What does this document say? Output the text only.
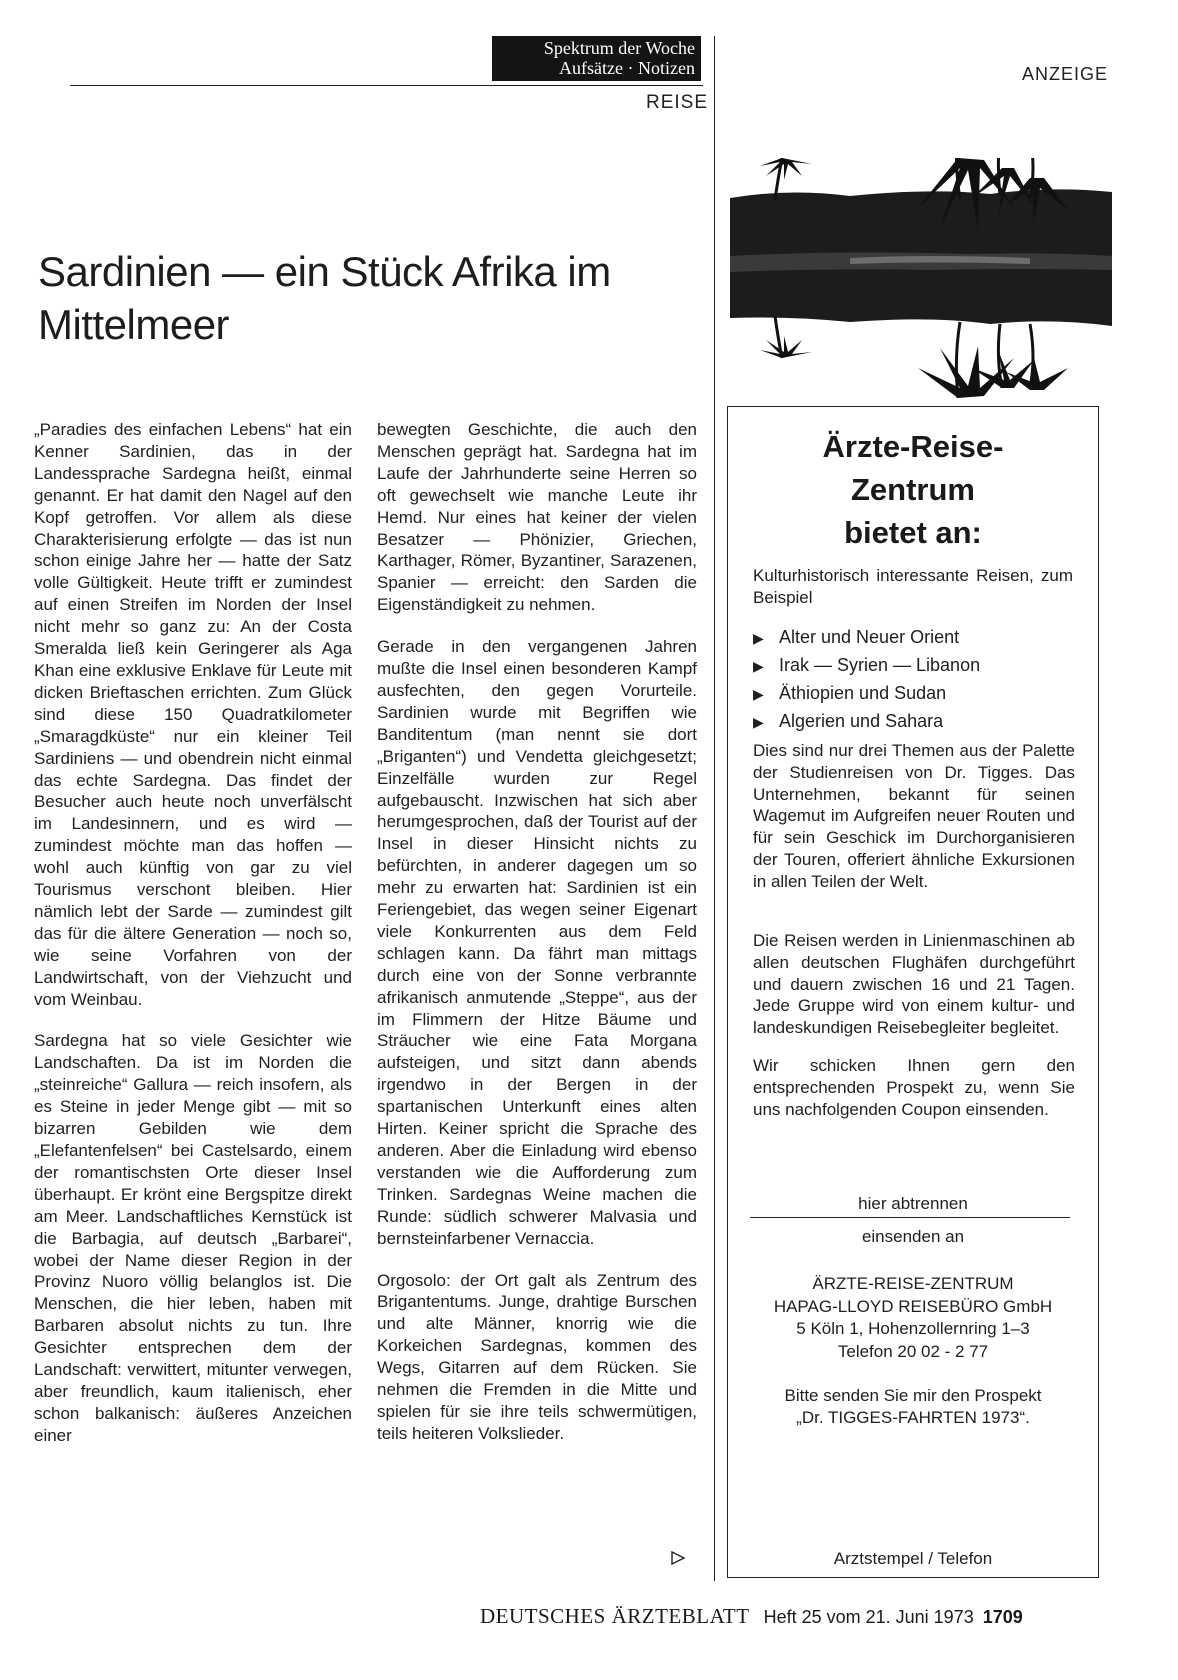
Spektrum der Woche
Aufsätze · Notizen
REISE
ANZEIGE
Sardinien — ein Stück Afrika im Mittelmeer

„Paradies des einfachen Lebens“ hat ein Kenner Sardinien, das in der Landessprache Sardegna heißt, einmal genannt. Er hat damit den Nagel auf den Kopf getroffen. Vor allem als diese Charakterisierung erfolgte — das ist nun schon einige Jahre her — hatte der Satz volle Gültigkeit. Heute trifft er zumindest auf einen Streifen im Norden der Insel nicht mehr so ganz zu: An der Costa Smeralda ließ kein Geringerer als Aga Khan eine exklusive Enklave für Leute mit dicken Brieftaschen errichten. Zum Glück sind diese 150 Quadratkilometer „Smaragdküste“ nur ein kleiner Teil Sardiniens — und obendrein nicht einmal das echte Sardegna. Das findet der Besucher auch heute noch unverfälscht im Landesinnern, und es wird — zumindest möchte man das hoffen — wohl auch künftig von gar zu viel Tourismus verschont bleiben. Hier nämlich lebt der Sarde — zumindest gilt das für die ältere Generation — noch so, wie seine Vorfahren von der Landwirtschaft, von der Viehzucht und vom Weinbau.

Sardegna hat so viele Gesichter wie Landschaften. Da ist im Norden die „steinreiche“ Gallura — reich insofern, als es Steine in jeder Menge gibt — mit so bizarren Gebilden wie dem „Elefantenfelsen“ bei Castelsardo, einem der romantischsten Orte dieser Insel überhaupt. Er krönt eine Bergspitze direkt am Meer. Landschaftliches Kernstück ist die Barbagia, auf deutsch „Barbarei“, wobei der Name dieser Region in der Provinz Nuoro völlig belanglos ist. Die Menschen, die hier leben, haben mit Barbaren absolut nichts zu tun. Ihre Gesichter entsprechen dem der Landschaft: verwittert, mitunter verwegen, aber freundlich, kaum italienisch, eher schon balkanisch: äußeres Anzeichen einer

bewegten Geschichte, die auch den Menschen geprägt hat. Sardegna hat im Laufe der Jahrhunderte seine Herren so oft gewechselt wie manche Leute ihr Hemd. Nur eines hat keiner der vielen Besatzer — Phönizier, Griechen, Karthager, Römer, Byzantiner, Sarazenen, Spanier — erreicht: den Sarden die Eigenständigkeit zu nehmen.

Gerade in den vergangenen Jahren mußte die Insel einen besonderen Kampf ausfechten, den gegen Vorurteile. Sardinien wurde mit Begriffen wie Banditentum (man nennt sie dort „Briganten“) und Vendetta gleichgesetzt; Einzelfälle wurden zur Regel aufgebauscht. Inzwischen hat sich aber herumgesprochen, daß der Tourist auf der Insel in dieser Hinsicht nichts zu befürchten, in anderer dagegen um so mehr zu erwarten hat: Sardinien ist ein Feriengebiet, das wegen seiner Eigenart viele Konkurrenten aus dem Feld schlagen kann. Da fährt man mittags durch eine von der Sonne verbrannte afrikanisch anmutende „Steppe“, aus der im Flimmern der Hitze Bäume und Sträucher wie eine Fata Morgana aufsteigen, und sitzt dann abends irgendwo in der Bergen in der spartanischen Unterkunft eines alten Hirten. Keiner spricht die Sprache des anderen. Aber die Einladung wird ebenso verstanden wie die Aufforderung zum Trinken. Sardegnas Weine machen die Runde: südlich schwerer Malvasia und bernsteinfarbener Vernaccia.

Orgosolo: der Ort galt als Zentrum des Brigantentums. Junge, drahtige Burschen und alte Männer, knorrig wie die Korkeichen Sardegnas, kommen des Wegs, Gitarren auf dem Rücken. Sie nehmen die Fremden in die Mitte und spielen für sie ihre teils schwermütigen, teils heiteren Volkslieder.

Ärzte-Reise-
Zentrum
bietet an:
Kulturhistorisch interessante Reisen, zum Beispiel
▶ Alter und Neuer Orient
▶ Irak — Syrien — Libanon
▶ Äthiopien und Sudan
▶ Algerien und Sahara
Dies sind nur drei Themen aus der Palette der Studienreisen von Dr. Tigges. Das Unternehmen, bekannt für seinen Wagemut im Aufgreifen neuer Routen und für sein Geschick im Durchorganisieren der Touren, offeriert ähnliche Exkursionen in allen Teilen der Welt.
Die Reisen werden in Linienmaschinen ab allen deutschen Flughäfen durchgeführt und dauern zwischen 16 und 21 Tagen. Jede Gruppe wird von einem kultur- und landeskundigen Reisebegleiter begleitet.
Wir schicken Ihnen gern den entsprechenden Prospekt zu, wenn Sie uns nachfolgenden Coupon einsenden.
hier abtrennen
einsenden an
ÄRZTE-REISE-ZENTRUM
HAPAG-LLOYD REISEBÜRO GmbH
5 Köln 1, Hohenzollernring 1–3
Telefon 20 02 - 2 77
Bitte senden Sie mir den Prospekt
„Dr. TIGGES-FAHRTEN 1973“.
Arztstempel / Telefon
DEUTSCHES ÄRZTEBLATT Heft 25 vom 21. Juni 1973 1709
